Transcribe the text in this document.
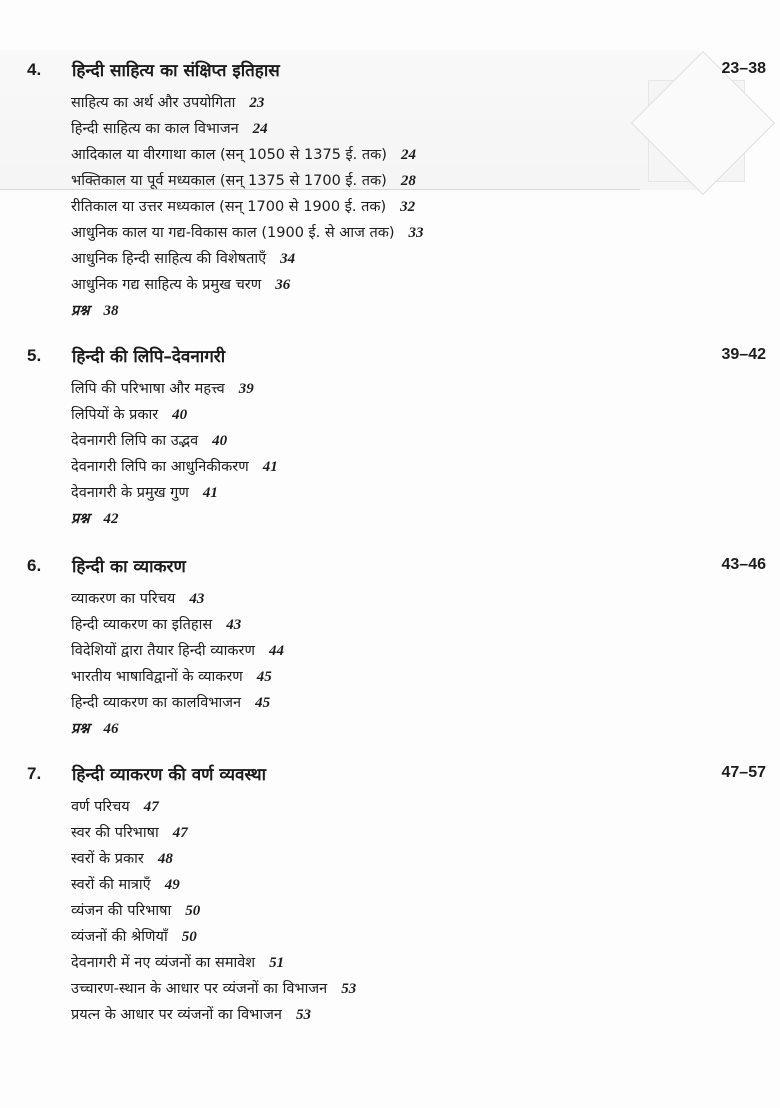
4. हिन्दी साहित्य का संक्षिप्त इतिहास	23–38
साहित्य का अर्थ और उपयोगिता 23
हिन्दी साहित्य का काल विभाजन 24
आदिकाल या वीरगाथा काल (सन् 1050 से 1375 ई. तक) 24
भक्तिकाल या पूर्व मध्यकाल (सन् 1375 से 1700 ई. तक) 28
रीतिकाल या उत्तर मध्यकाल (सन् 1700 से 1900 ई. तक) 32
आधुनिक काल या गद्य-विकास काल (1900 ई. से आज तक) 33
आधुनिक हिन्दी साहित्य की विशेषताएँ 34
आधुनिक गद्य साहित्य के प्रमुख चरण 36
प्रश्न 38
5. हिन्दी की लिपि–देवनागरी	39–42
लिपि की परिभाषा और महत्त्व 39
लिपियों के प्रकार 40
देवनागरी लिपि का उद्भव 40
देवनागरी लिपि का आधुनिकीकरण 41
देवनागरी के प्रमुख गुण 41
प्रश्न 42
6. हिन्दी का व्याकरण	43–46
व्याकरण का परिचय 43
हिन्दी व्याकरण का इतिहास 43
विदेशियों द्वारा तैयार हिन्दी व्याकरण 44
भारतीय भाषाविद्वानों के व्याकरण 45
हिन्दी व्याकरण का कालविभाजन 45
प्रश्न 46
7. हिन्दी व्याकरण की वर्ण व्यवस्था	47–57
वर्ण परिचय 47
स्वर की परिभाषा 47
स्वरों के प्रकार 48
स्वरों की मात्राएँ 49
व्यंजन की परिभाषा 50
व्यंजनों की श्रेणियाँ 50
देवनागरी में नए व्यंजनों का समावेश 51
उच्चारण-स्थान के आधार पर व्यंजनों का विभाजन 53
प्रयत्न के आधार पर व्यंजनों का विभाजन 53
